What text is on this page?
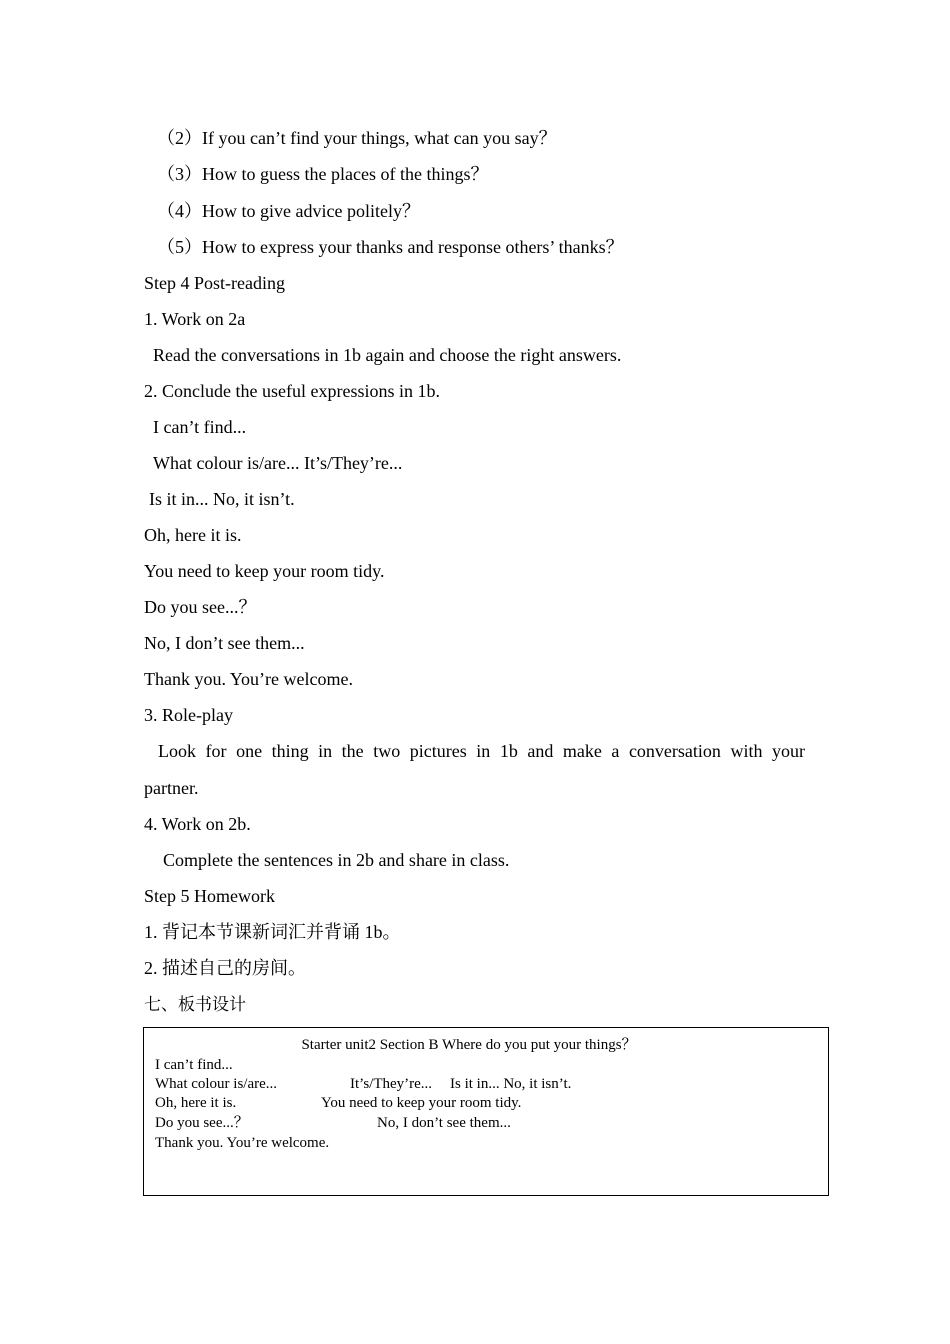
（2）If you can’t find your things, what can you say？
（3）How to guess the places of the things？
（4）How to give advice politely？
（5）How to express your thanks and response others’ thanks？
Step 4 Post-reading
1. Work on 2a
Read the conversations in 1b again and choose the right answers.
2. Conclude the useful expressions in 1b.
I can’t find...
What colour is/are... It’s/They’re...
Is it in... No, it isn’t.
Oh, here it is.
You need to keep your room tidy.
Do you see...？
No, I don’t see them...
Thank you. You’re welcome.
3. Role-play
Look for one thing in the two pictures in 1b and make a conversation with your
partner.
4. Work on 2b.
Complete the sentences in 2b and share in class.
Step 5 Homework
1. 背记本节课新词汇并背诵 1b。
2. 描述自己的房间。
七、板书设计
Starter unit2 Section B Where do you put your things？
I can’t find...
What colour is/are...	It’s/They’re... Is it in... No, it isn’t.
Oh, here it is.	You need to keep your room tidy.
Do you see...？	No, I don’t see them...
Thank you. You’re welcome.
